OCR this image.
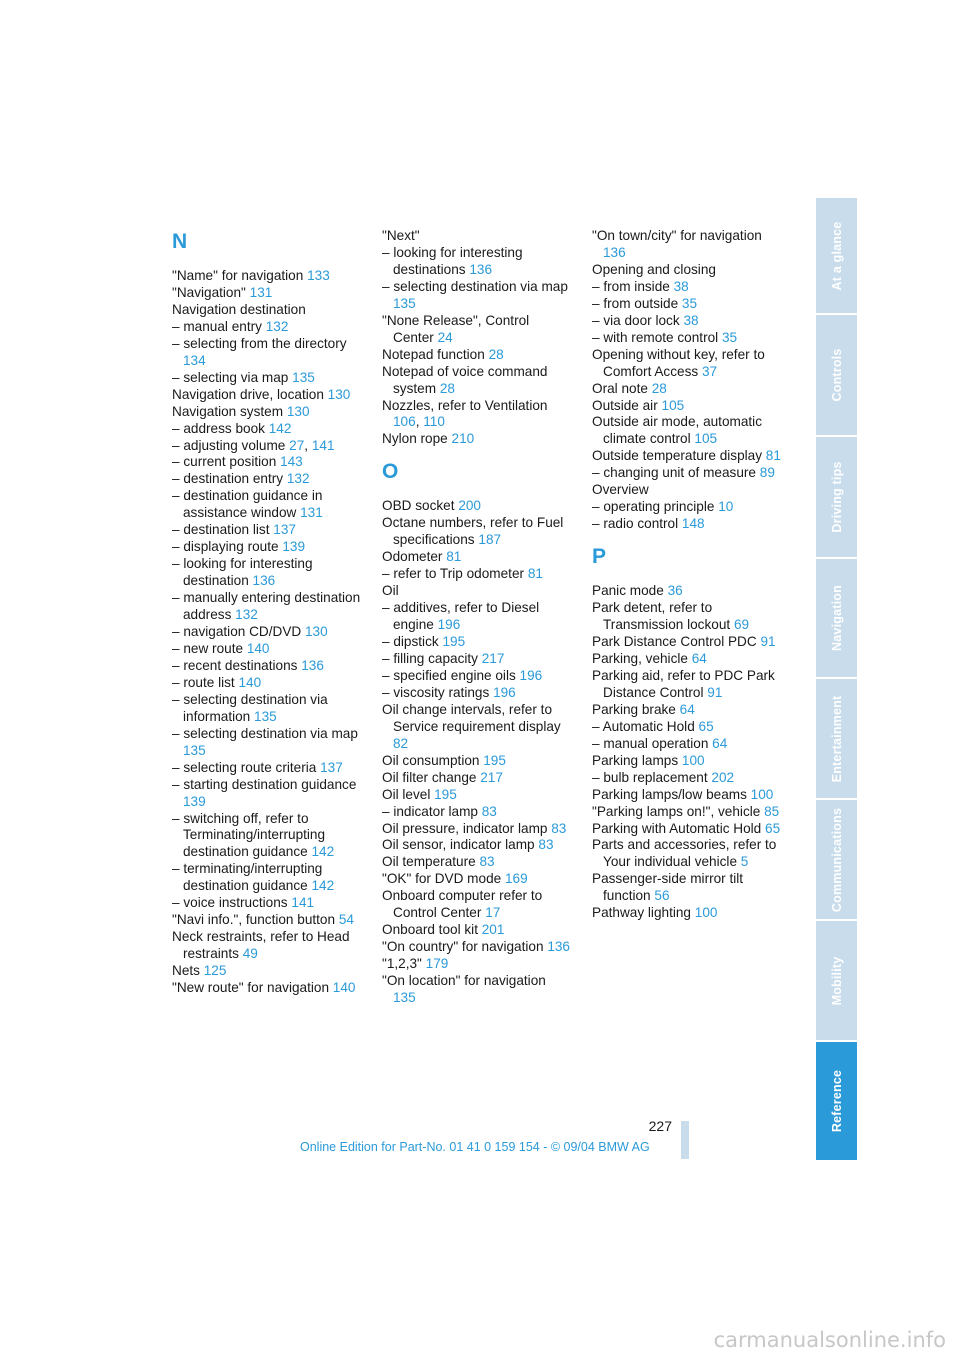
N
"Name" for navigation 133
"Navigation" 131
Navigation destination
– manual entry 132
– selecting from the directory 134
– selecting via map 135
Navigation drive, location 130
Navigation system 130
– address book 142
– adjusting volume 27, 141
– current position 143
– destination entry 132
– destination guidance in assistance window 131
– destination list 137
– displaying route 139
– looking for interesting destination 136
– manually entering destination address 132
– navigation CD/DVD 130
– new route 140
– recent destinations 136
– route list 140
– selecting destination via information 135
– selecting destination via map 135
– selecting route criteria 137
– starting destination guidance 139
– switching off, refer to Terminating/interrupting destination guidance 142
– terminating/interrupting destination guidance 142
– voice instructions 141
"Navi info.", function button 54
Neck restraints, refer to Head restraints 49
Nets 125
"New route" for navigation 140
"Next"
– looking for interesting destinations 136
– selecting destination via map 135
"None Release", Control Center 24
Notepad function 28
Notepad of voice command system 28
Nozzles, refer to Ventilation 106, 110
Nylon rope 210
O
OBD socket 200
Octane numbers, refer to Fuel specifications 187
Odometer 81
– refer to Trip odometer 81
Oil
– additives, refer to Diesel engine 196
– dipstick 195
– filling capacity 217
– specified engine oils 196
– viscosity ratings 196
Oil change intervals, refer to Service requirement display 82
Oil consumption 195
Oil filter change 217
Oil level 195
– indicator lamp 83
Oil pressure, indicator lamp 83
Oil sensor, indicator lamp 83
Oil temperature 83
"OK" for DVD mode 169
Onboard computer refer to Control Center 17
Onboard tool kit 201
"On country" for navigation 136
"1,2,3" 179
"On location" for navigation 135
"On town/city" for navigation 136
Opening and closing
– from inside 38
– from outside 35
– via door lock 38
– with remote control 35
Opening without key, refer to Comfort Access 37
Oral note 28
Outside air 105
Outside air mode, automatic climate control 105
Outside temperature display 81
– changing unit of measure 89
Overview
– operating principle 10
– radio control 148
P
Panic mode 36
Park detent, refer to Transmission lockout 69
Park Distance Control PDC 91
Parking, vehicle 64
Parking aid, refer to PDC Park Distance Control 91
Parking brake 64
– Automatic Hold 65
– manual operation 64
Parking lamps 100
– bulb replacement 202
Parking lamps/low beams 100
"Parking lamps on!", vehicle 85
Parking with Automatic Hold 65
Parts and accessories, refer to Your individual vehicle 5
Passenger-side mirror tilt function 56
Pathway lighting 100
At a glance
Controls
Driving tips
Navigation
Entertainment
Communications
Mobility
Reference
227
Online Edition for Part-No. 01 41 0 159 154 - © 09/04 BMW AG
carmanualsonline.info
